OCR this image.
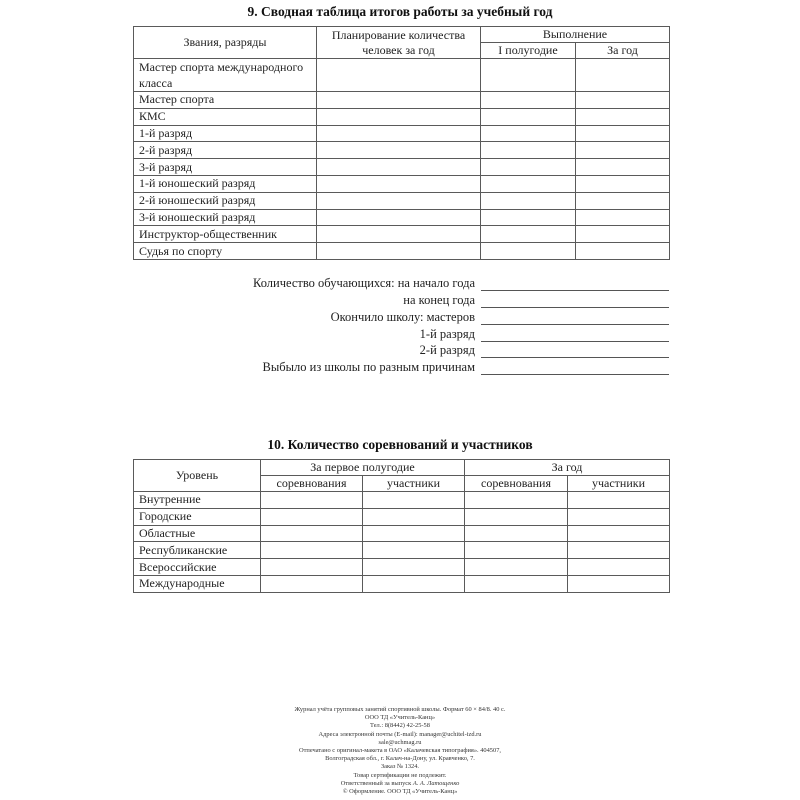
9. Сводная таблица итогов работы за учебный год
Звания, разряды	Планирование количества человек за год	Выполнение	
		I полугодие	За год
Мастер спорта международного класса			
Мастер спорта			
КМС			
1-й разряд			
2-й разряд			
3-й разряд			
1-й юношеский разряд			
2-й юношеский разряд			
3-й юношеский разряд			
Инструктор-общественник			
Судья по спорту			
Количество обучающихся: на начало года
на конец года
Окончило школу: мастеров
1-й разряд
2-й разряд
Выбыло из школы по разным причинам
10. Количество соревнований и участников
Уровень	За первое полугодие		За год	
	соревнования	участники	соревнования	участники
Внутренние				
Городские				
Областные				
Республиканские				
Всероссийские				
Международные				
Журнал учёта групповых занятий спортивной школы. Формат 60 × 84/8. 40 с.
ООО ТД «Учитель-Канц»
Тел.: 8(8442) 42-25-58
Адреса электронной почты (E-mail): manager@uchitel-izd.ru
sale@uchmag.ru
Отпечатано с оригинал-макета в ОАО «Калачевская типография». 404507,
Волгоградская обл., г. Калач-на-Дону, ул. Кравченко, 7.
Заказ № 1324.
Товар сертификации не подлежит.
Ответственный за выпуск А. А. Латощенко
© Оформление. ООО ТД «Учитель-Канц»
